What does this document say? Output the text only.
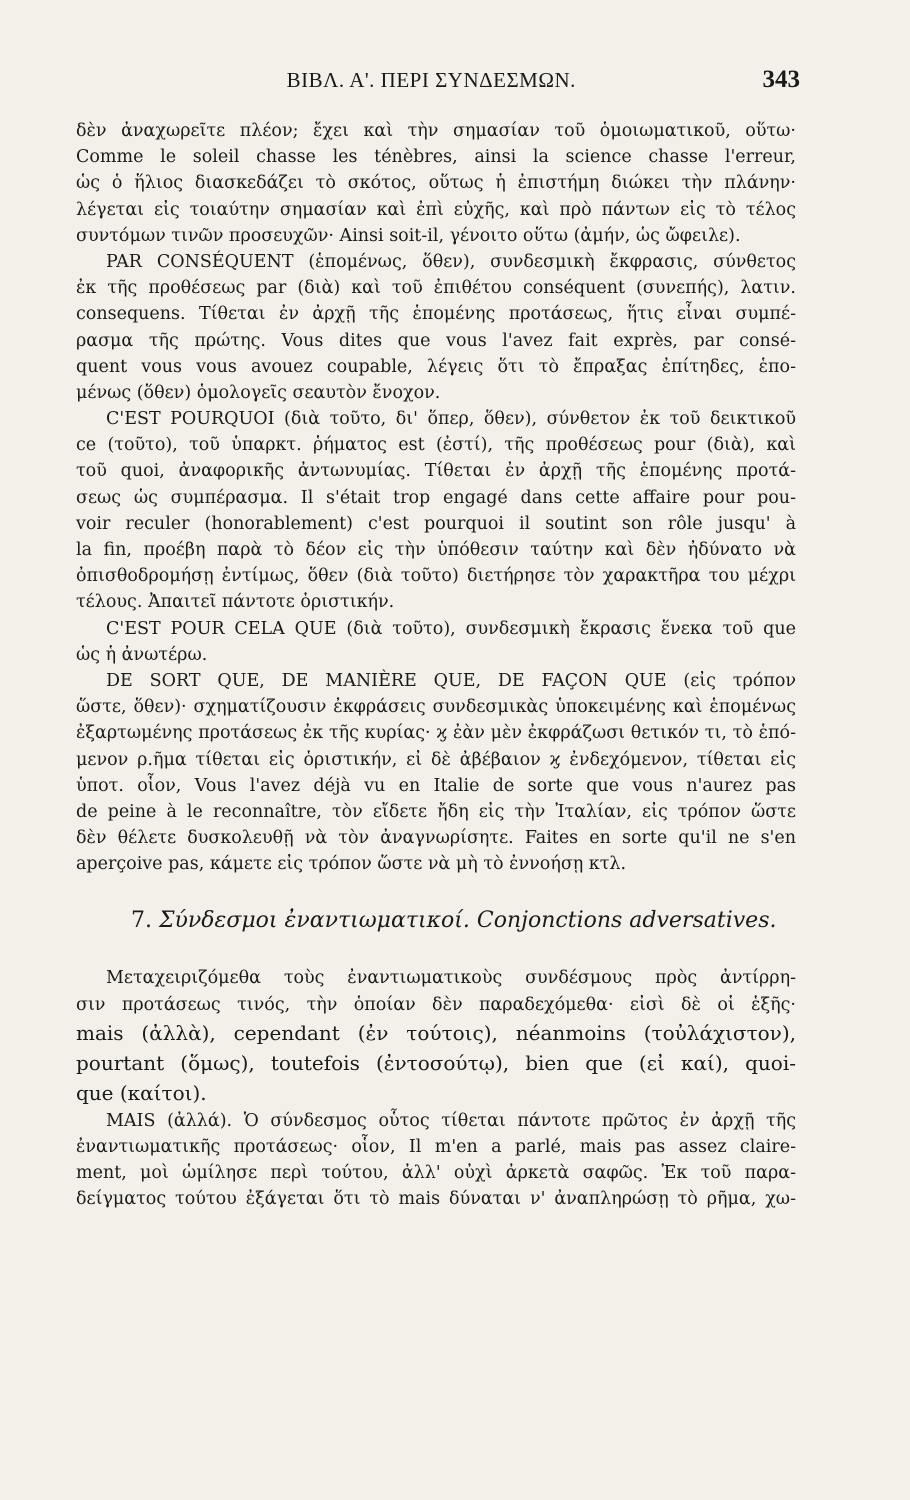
ΒΙΒΛ. Α'. ΠΕΡΙ ΣΥΝΔΕΣΜΩΝ.	343
δὲν ἀναχωρεῖτε πλέον; ἔχει καὶ τὴν σημασίαν τοῦ ὁμοιωματικοῦ, οὕτω·
Comme le soleil chasse les ténèbres, ainsi la science chasse l'erreur,
ὡς ὁ ἥλιος διασκεδάζει τὸ σκότος, οὕτως ἡ ἐπιστήμη διώκει τὴν πλάνην·
λέγεται εἰς τοιαύτην σημασίαν καὶ ἐπὶ εὐχῆς, καὶ πρὸ πάντων εἰς τὸ τέλος
συντόμων τινῶν προσευχῶν· Ainsi soit-il, γένοιτο οὕτω (ἀμήν, ὡς ὤφειλε).
PAR CONSÉQUENT (ἑπομένως, ὅθεν), συνδεσμικὴ ἔκφρασις, σύνθετος
ἐκ τῆς προθέσεως par (διὰ) καὶ τοῦ ἐπιθέτου conséquent (συνεπής), λατιν.
consequens. Τίθεται ἐν ἀρχῇ τῆς ἑπομένης προτάσεως, ἥτις εἶναι συμπέ-
ρασμα τῆς πρώτης. Vous dites que vous l'avez fait exprès, par consé-
quent vous vous avouez coupable, λέγεις ὅτι τὸ ἔπραξας ἐπίτηδες, ἑπο-
μένως (ὅθεν) ὁμολογεῖς σεαυτὸν ἔνοχον.
C'EST POURQUOI (διὰ τοῦτο, δι' ὅπερ, ὅθεν), σύνθετον ἐκ τοῦ δεικτικοῦ
ce (τοῦτο), τοῦ ὑπαρκτ. ῥήματος est (ἐστί), τῆς προθέσεως pour (διὰ), καὶ
τοῦ quoi, ἀναφορικῆς ἀντωνυμίας. Τίθεται ἐν ἀρχῇ τῆς ἑπομένης προτά-
σεως ὡς συμπέρασμα. Il s'était trop engagé dans cette affaire pour pou-
voir reculer (honorablement) c'est pourquoi il soutint son rôle jusqu' à
la fin, προέβη παρὰ τὸ δέον εἰς τὴν ὑπόθεσιν ταύτην καὶ δὲν ἠδύνατο νὰ
ὀπισθοδρομήσῃ ἐντίμως, ὅθεν (διὰ τοῦτο) διετήρησε τὸν χαρακτῆρα του μέχρι
τέλους. Ἀπαιτεῖ πάντοτε ὁριστικήν.
C'EST POUR CELA QUE (διὰ τοῦτο), συνδεσμικὴ ἔκρασις ἕνεκα τοῦ que
ὡς ἡ ἀνωτέρω.
DE SORT QUE, DE MANIÈRE QUE, DE FAÇON QUE (εἰς τρόπον
ὥστε, ὅθεν)· σχηματίζουσιν ἐκφράσεις συνδεσμικὰς ὑποκειμένης καὶ ἑπομένως
ἐξαρτωμένης προτάσεως ἐκ τῆς κυρίας· ϗ ἐὰν μὲν ἐκφράζωσι θετικόν τι, τὸ ἑπό-
μενον ρ.ῆμα τίθεται εἰς ὁριστικήν, εἰ δὲ ἀβέβαιον ϗ ἐνδεχόμενον, τίθεται εἰς
ὑποτ. οἷον, Vous l'avez déjà vu en Italie de sorte que vous n'aurez pas
de peine à le reconnaître, τὸν εἴδετε ἤδη εἰς τὴν Ἰταλίαν, εἰς τρόπον ὥστε
δὲν θέλετε δυσκολευθῇ νὰ τὸν ἀναγνωρίσητε. Faites en sorte qu'il ne s'en
aperçoive pas, κάμετε εἰς τρόπον ὥστε νὰ μὴ τὸ ἐννοήσῃ κτλ.
7. Σύνδεσμοι ἐναντιωματικοί. Conjonctions adversatives.
Μεταχειριζόμεθα τοὺς ἐναντιωματικοὺς συνδέσμους πρὸς ἀντίρρη-
σιν προτάσεως τινός, τὴν ὁποίαν δὲν παραδεχόμεθα· εἰσὶ δὲ οἱ ἑξῆς·
mais (ἀλλὰ), cependant (ἐν τούτοις), néanmoins (τοὐλάχιστον),
pourtant (ὅμως), toutefois (ἐντοσούτῳ), bien que (εἰ καί), quoi-
que (καίτοι).
MAIS (ἀλλά). Ὁ σύνδεσμος οὗτος τίθεται πάντοτε πρῶτος ἐν ἀρχῇ τῆς
ἐναντιωματικῆς προτάσεως· οἷον, Il m'en a parlé, mais pas assez claire-
ment, μοὶ ὡμίλησε περὶ τούτου, ἀλλ' οὐχὶ ἀρκετὰ σαφῶς. Ἐκ τοῦ παρα-
δείγματος τούτου ἐξάγεται ὅτι τὸ mais δύναται ν' ἀναπληρώσῃ τὸ ρῆμα, χω-
